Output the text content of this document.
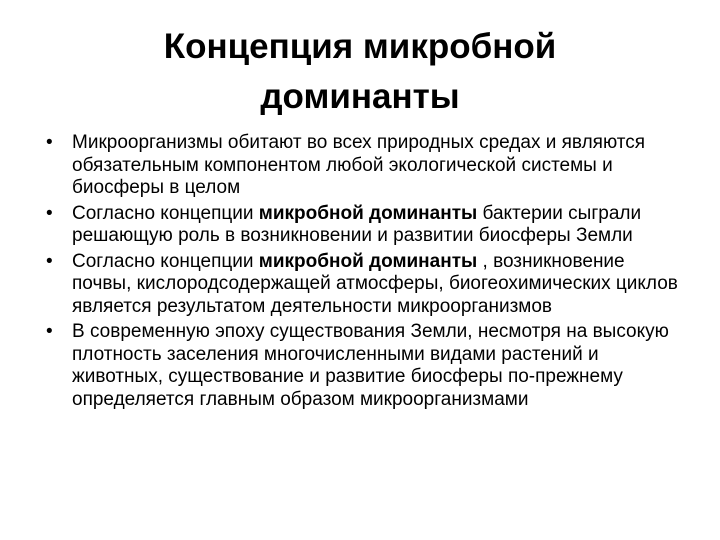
Концепция микробной
доминанты
• Микроорганизмы обитают во всех природных средах и являются обязательным компонентом любой экологической системы и биосферы в целом
• Согласно концепции микробной доминанты бактерии сыграли решающую роль в возникновении и развитии биосферы Земли
• Согласно концепции микробной доминанты , возникновение почвы, кислородсодержащей атмосферы, биогеохимических циклов является результатом деятельности микроорганизмов
• В современную эпоху существования Земли, несмотря на высокую плотность заселения многочисленными видами растений и животных, существование и развитие биосферы по-прежнему определяется главным образом микроорганизмами
